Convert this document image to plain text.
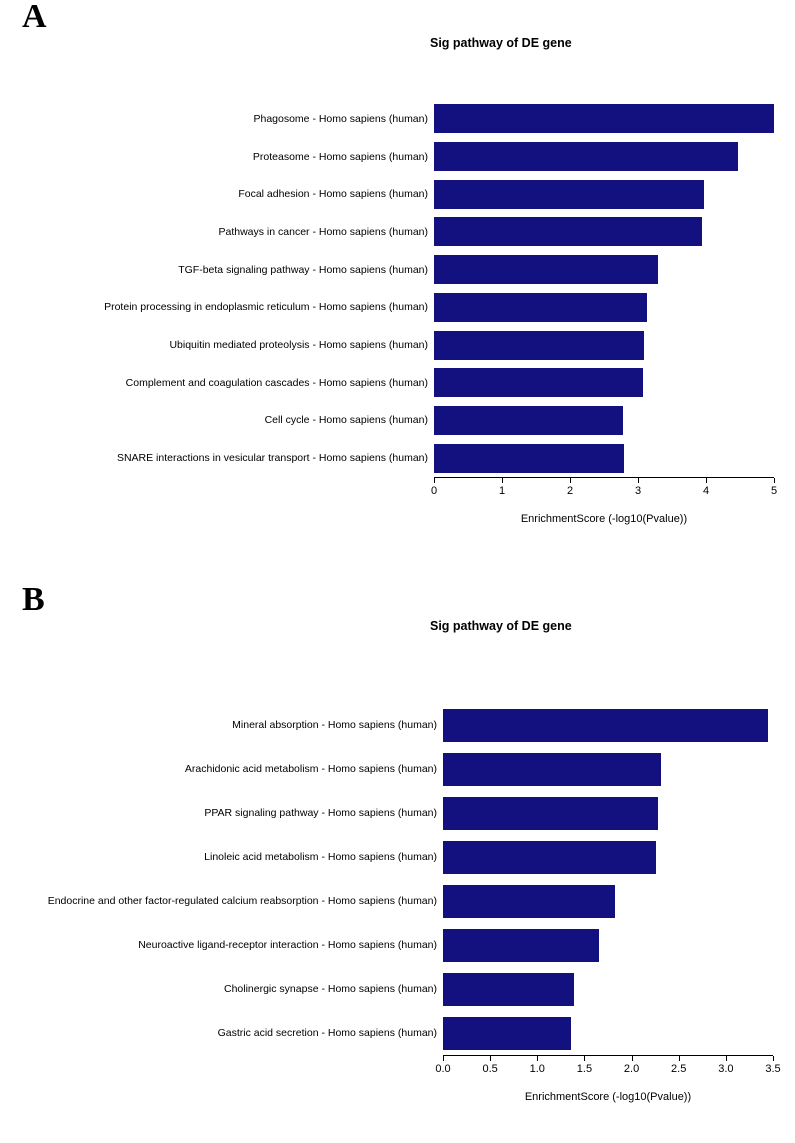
A
Sig pathway of DE gene
Phagosome - Homo sapiens (human)
Proteasome - Homo sapiens (human)
Focal adhesion - Homo sapiens (human)
Pathways in cancer - Homo sapiens (human)
TGF-beta signaling pathway - Homo sapiens (human)
Protein processing in endoplasmic reticulum - Homo sapiens (human)
Ubiquitin mediated proteolysis - Homo sapiens (human)
Complement and coagulation cascades - Homo sapiens (human)
Cell cycle - Homo sapiens (human)
SNARE interactions in vesicular transport - Homo sapiens (human)
0	1	2	3	4	5
EnrichmentScore (-log10(Pvalue))
B
Sig pathway of DE gene
Mineral absorption - Homo sapiens (human)
Arachidonic acid metabolism - Homo sapiens (human)
PPAR signaling pathway - Homo sapiens (human)
Linoleic acid metabolism - Homo sapiens (human)
Endocrine and other factor-regulated calcium reabsorption - Homo sapiens (human)
Neuroactive ligand-receptor interaction - Homo sapiens (human)
Cholinergic synapse - Homo sapiens (human)
Gastric acid secretion - Homo sapiens (human)
0.0	0.5	1.0	1.5	2.0	2.5	3.0	3.5
EnrichmentScore (-log10(Pvalue))
